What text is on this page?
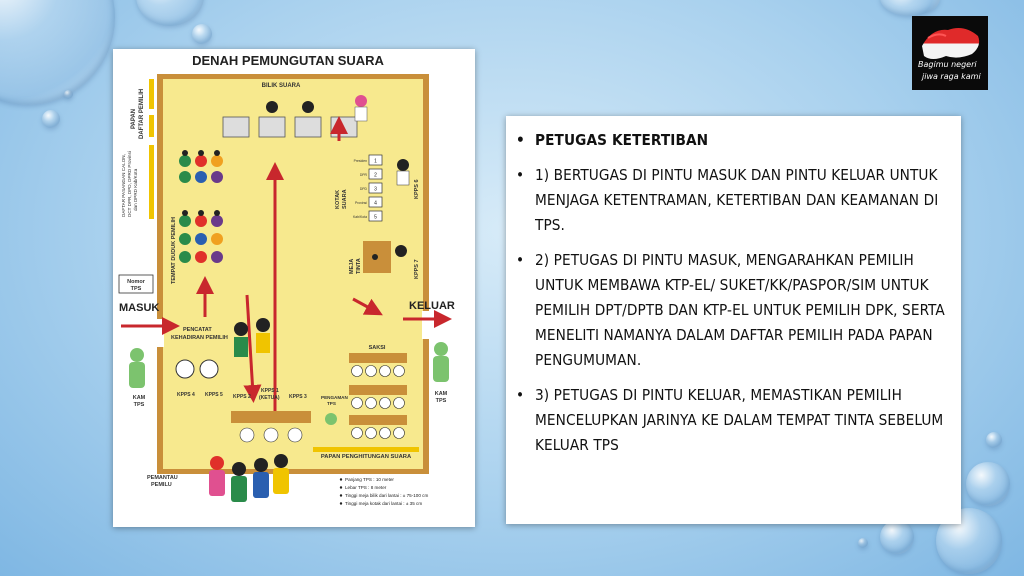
Bagimu negeri
jiwa raga kami
DENAH PEMUNGUTAN SUARA
PAPAN DAFTAR PEMILIH
DAFTAR PASANGAN CALON, DCT DPR, DPD, DPRD Provinsi dan DPRD Kab/Kota
BILIK SUARA
TEMPAT DUDUK PEMILIH
1
2
3
4
5
Presiden
DPR
DPD
Provinsi
Kab/Kota
KOTAK SUARA
KPPS 6
MEJA TINTA	KPPS 7
Nomor
TPS
MASUK	KELUAR
PENCATAT
KEHADIRAN PEMILIH
KAM
TPS
KAM
TPS
KPPS 4 KPPS 5 KPPS 2
KPPS 1
(KETUA) KPPS 3	PENGAMAN
TPS
SAKSI
PAPAN PENGHITUNGAN SUARA
PEMANTAU
PEMILU
Panjang TPS : 10 meter
Lebar TPS : 8 meter
Tinggi meja bilik dari lantai : ± 75-100 cm
Tinggi meja kotak dari lantai : ± 35 cm
• PETUGAS KETERTIBAN
• 1) BERTUGAS DI PINTU MASUK DAN PINTU KELUAR UNTUK MENJAGA KETENTRAMAN, KETERTIBAN DAN KEAMANAN DI TPS.
• 2) PETUGAS DI PINTU MASUK, MENGARAHKAN PEMILIH UNTUK MEMBAWA KTP-EL/ SUKET/KK/PASPOR/SIM UNTUK PEMILIH DPT/DPTB DAN KTP-EL UNTUK PEMILIH DPK, SERTA MENELITI NAMANYA DALAM DAFTAR PEMILIH PADA PAPAN PENGUMUMAN.
• 3) PETUGAS DI PINTU KELUAR, MEMASTIKAN PEMILIH MENCELUPKAN JARINYA KE DALAM TEMPAT TINTA SEBELUM KELUAR TPS
